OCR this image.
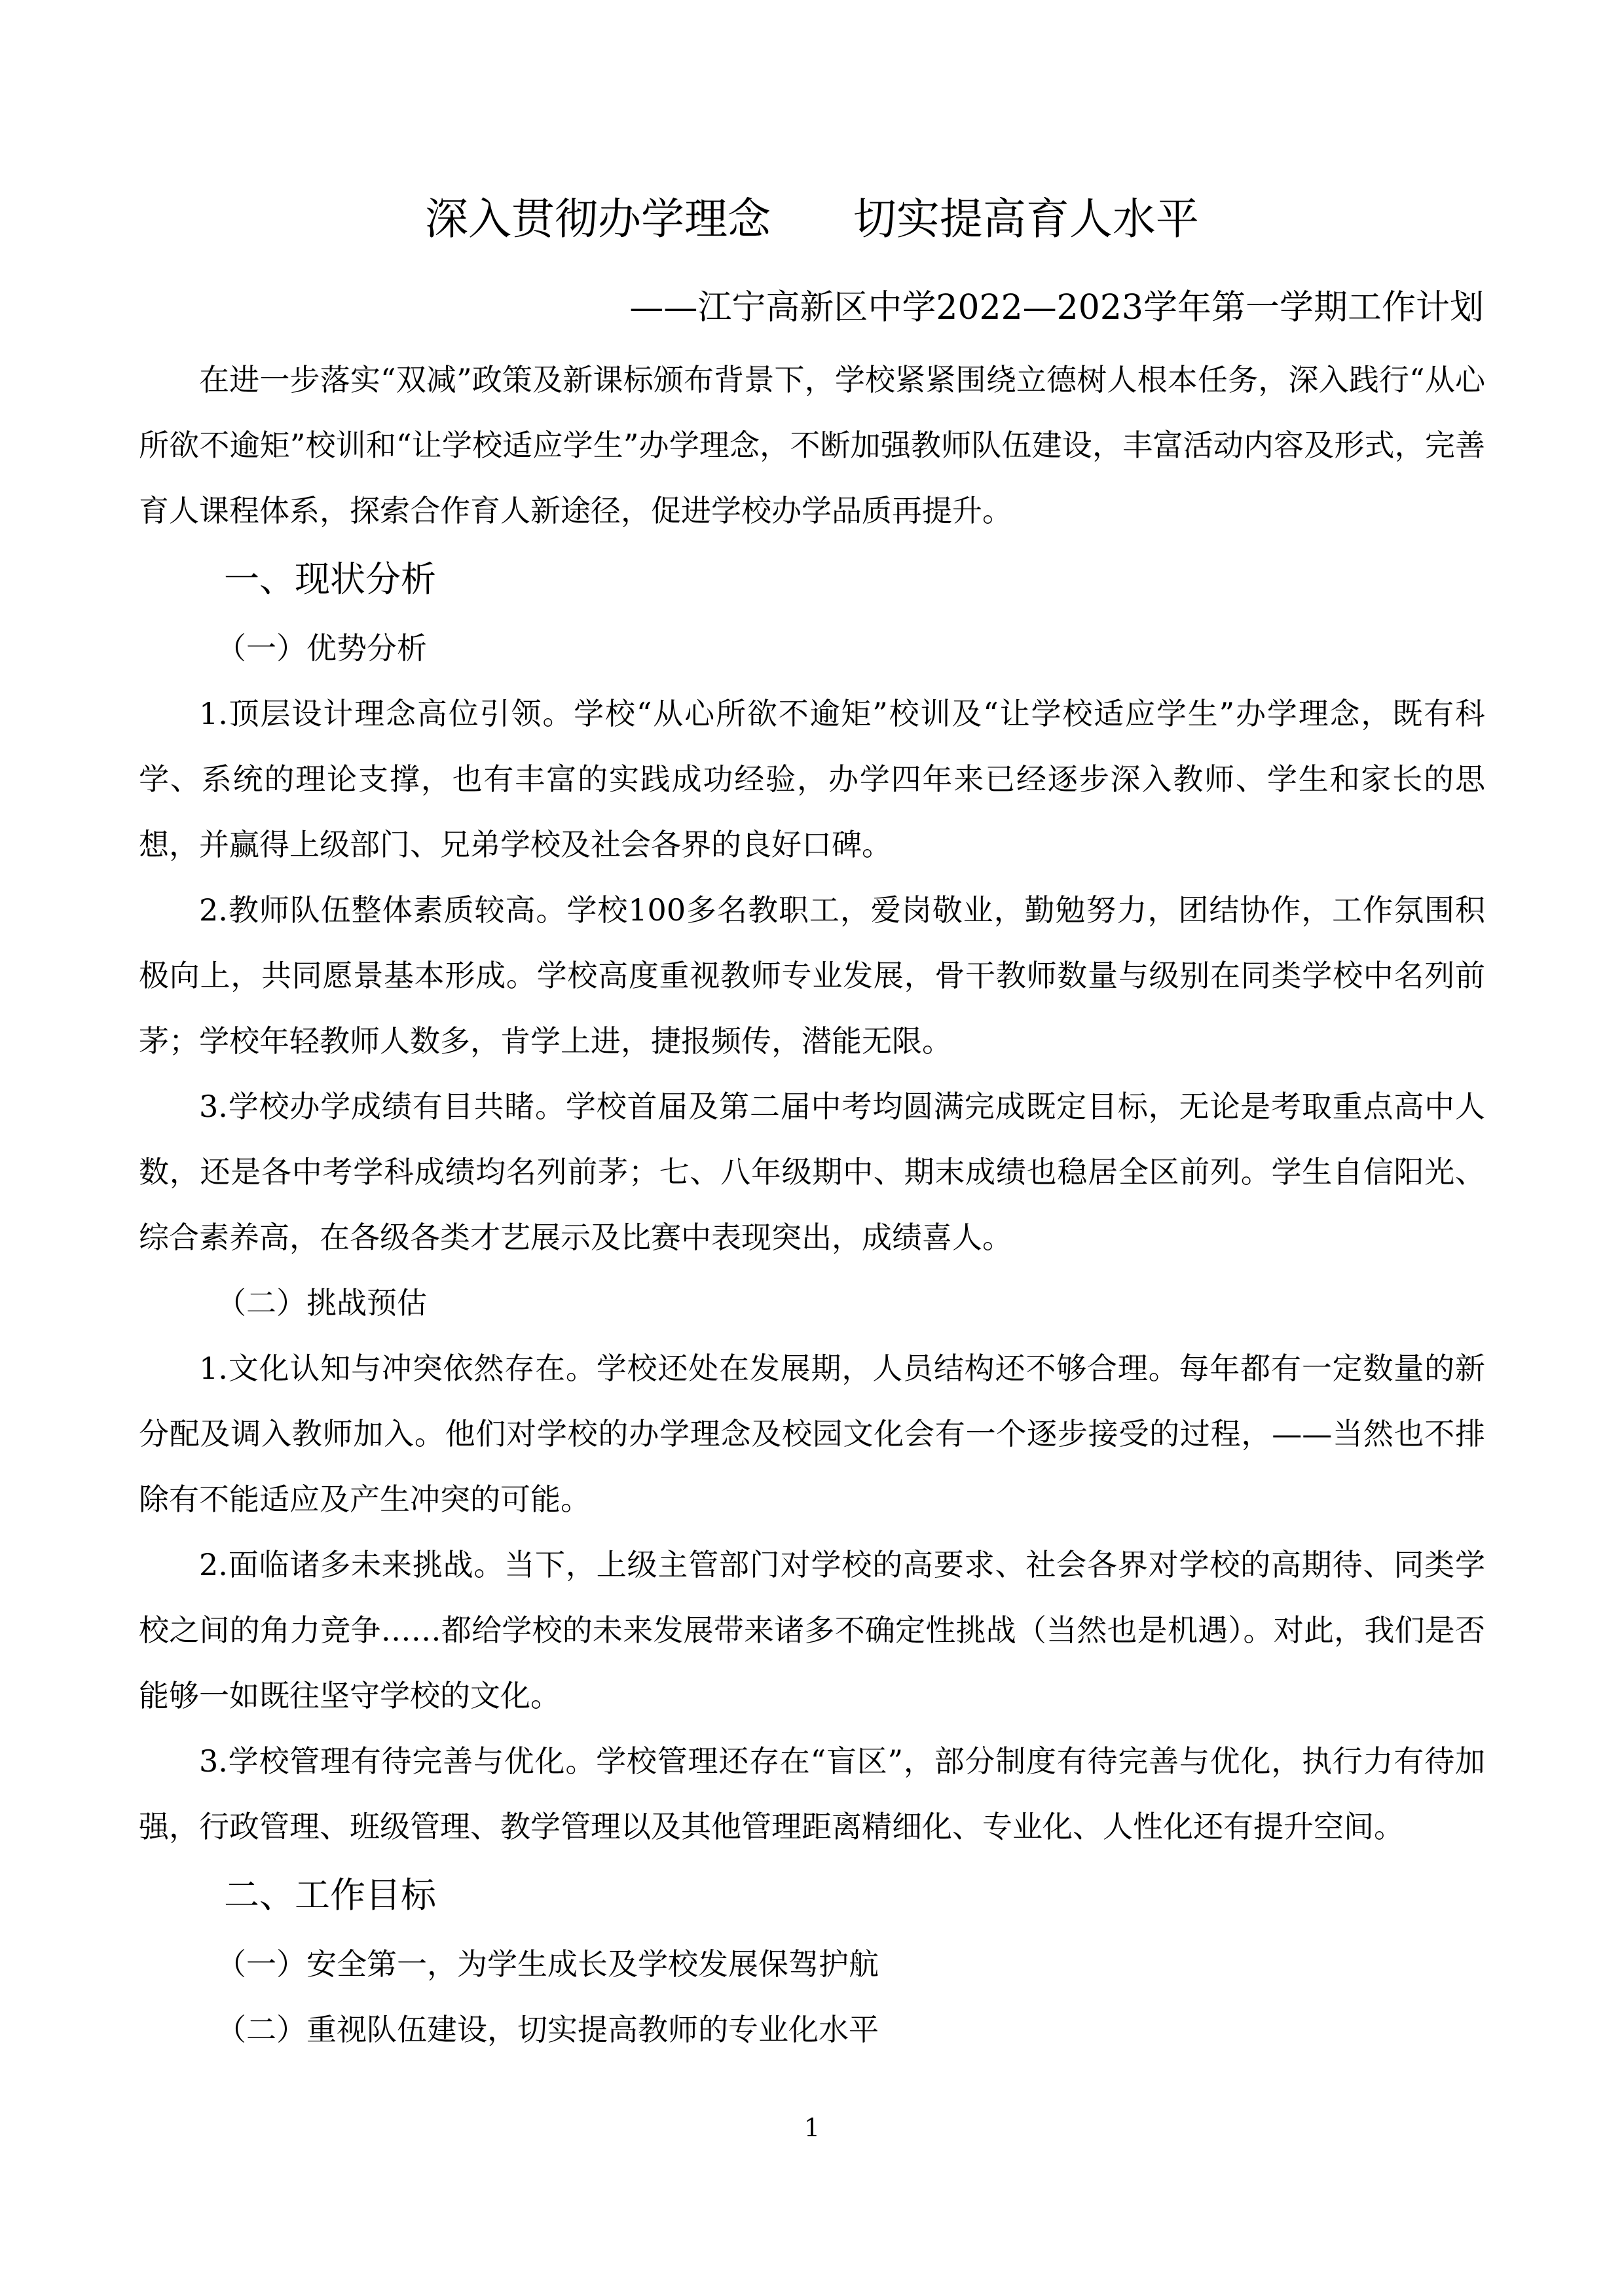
深入贯彻办学理念      切实提高育人水平
——江宁高新区中学2022—2023学年第一学期工作计划

在进一步落实“双减”政策及新课标颁布背景下，学校紧紧围绕立德树人根本任务，深入践行“从心所欲不逾矩”校训和“让学校适应学生”办学理念，不断加强教师队伍建设，丰富活动内容及形式，完善育人课程体系，探索合作育人新途径，促进学校办学品质再提升。

一、现状分析

（一）优势分析

1.顶层设计理念高位引领。学校“从心所欲不逾矩”校训及“让学校适应学生”办学理念，既有科学、系统的理论支撑，也有丰富的实践成功经验，办学四年来已经逐步深入教师、学生和家长的思想，并赢得上级部门、兄弟学校及社会各界的良好口碑。

2.教师队伍整体素质较高。学校100多名教职工，爱岗敬业，勤勉努力，团结协作，工作氛围积极向上，共同愿景基本形成。学校高度重视教师专业发展，骨干教师数量与级别在同类学校中名列前茅；学校年轻教师人数多，肯学上进，捷报频传，潜能无限。

3.学校办学成绩有目共睹。学校首届及第二届中考均圆满完成既定目标，无论是考取重点高中人数，还是各中考学科成绩均名列前茅；七、八年级期中、期末成绩也稳居全区前列。学生自信阳光、综合素养高，在各级各类才艺展示及比赛中表现突出，成绩喜人。

（二）挑战预估

1.文化认知与冲突依然存在。学校还处在发展期，人员结构还不够合理。每年都有一定数量的新分配及调入教师加入。他们对学校的办学理念及校园文化会有一个逐步接受的过程，——当然也不排除有不能适应及产生冲突的可能。

2.面临诸多未来挑战。当下，上级主管部门对学校的高要求、社会各界对学校的高期待、同类学校之间的角力竞争……都给学校的未来发展带来诸多不确定性挑战（当然也是机遇）。对此，我们是否能够一如既往坚守学校的文化。

3.学校管理有待完善与优化。学校管理还存在“盲区”，部分制度有待完善与优化，执行力有待加强，行政管理、班级管理、教学管理以及其他管理距离精细化、专业化、人性化还有提升空间。

二、工作目标

（一）安全第一，为学生成长及学校发展保驾护航

（二）重视队伍建设，切实提高教师的专业化水平

1
